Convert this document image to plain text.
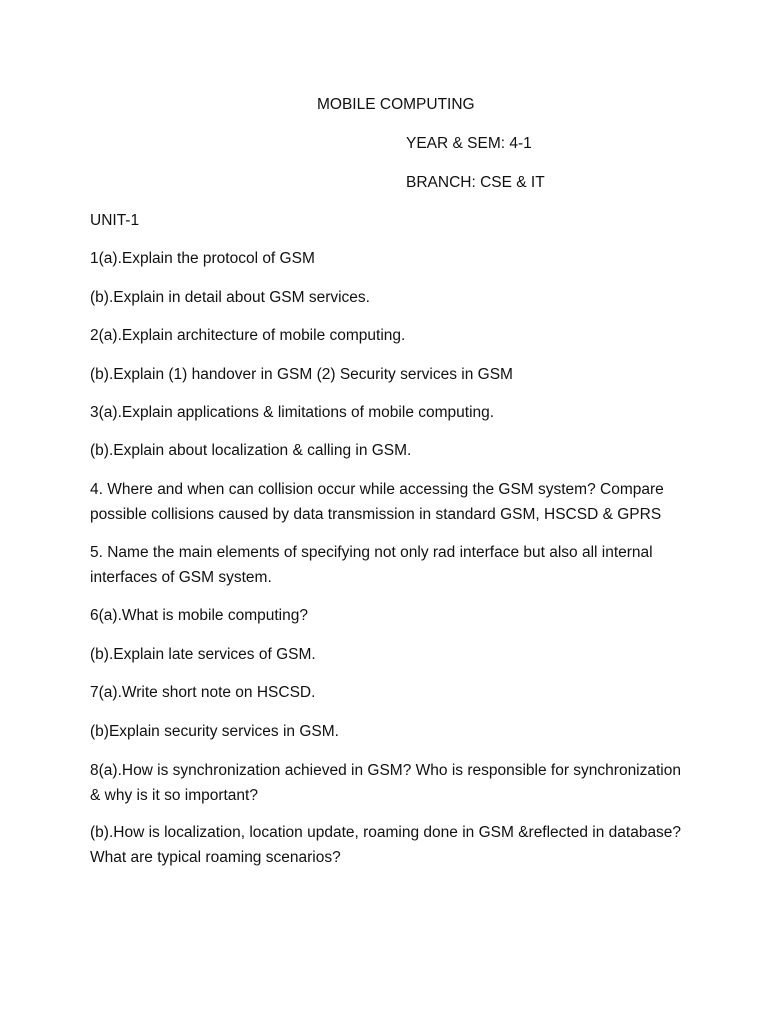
MOBILE COMPUTING
YEAR & SEM: 4-1
BRANCH: CSE & IT
UNIT-1
1(a).Explain the protocol of GSM
(b).Explain in detail about GSM services.
2(a).Explain architecture of mobile computing.
(b).Explain (1) handover in GSM (2) Security services in GSM
3(a).Explain applications & limitations of mobile computing.
(b).Explain about localization & calling in GSM.
4. Where and when can collision occur while accessing the GSM system? Compare possible collisions caused by data transmission in standard GSM, HSCSD & GPRS
5. Name the main elements of specifying not only rad interface but also all internal interfaces of GSM system.
6(a).What is mobile computing?
(b).Explain late services of GSM.
7(a).Write short note on HSCSD.
(b)Explain security services in GSM.
8(a).How is synchronization achieved in GSM? Who is responsible for synchronization & why is it so important?
(b).How is localization, location update, roaming done in GSM &reflected in database? What are typical roaming scenarios?
